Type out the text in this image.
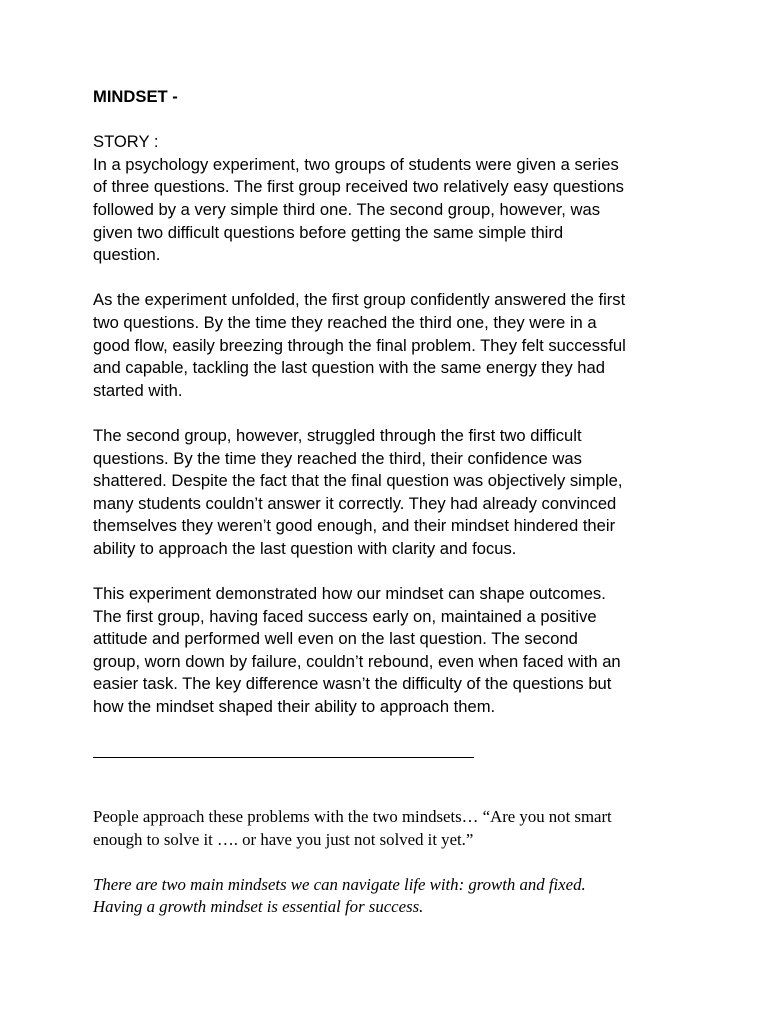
MINDSET -
STORY :
In a psychology experiment, two groups of students were given a series
of three questions. The first group received two relatively easy questions
followed by a very simple third one. The second group, however, was
given two difficult questions before getting the same simple third
question.
As the experiment unfolded, the first group confidently answered the first
two questions. By the time they reached the third one, they were in a
good flow, easily breezing through the final problem. They felt successful
and capable, tackling the last question with the same energy they had
started with.
The second group, however, struggled through the first two difficult
questions. By the time they reached the third, their confidence was
shattered. Despite the fact that the final question was objectively simple,
many students couldn’t answer it correctly. They had already convinced
themselves they weren’t good enough, and their mindset hindered their
ability to approach the last question with clarity and focus.
This experiment demonstrated how our mindset can shape outcomes.
The first group, having faced success early on, maintained a positive
attitude and performed well even on the last question. The second
group, worn down by failure, couldn’t rebound, even when faced with an
easier task. The key difference wasn’t the difficulty of the questions but
how the mindset shaped their ability to approach them.
People approach these problems with the two mindsets… “Are you not smart
enough to solve it …. or have you just not solved it yet.”
There are two main mindsets we can navigate life with: growth and fixed.
Having a growth mindset is essential for success.
